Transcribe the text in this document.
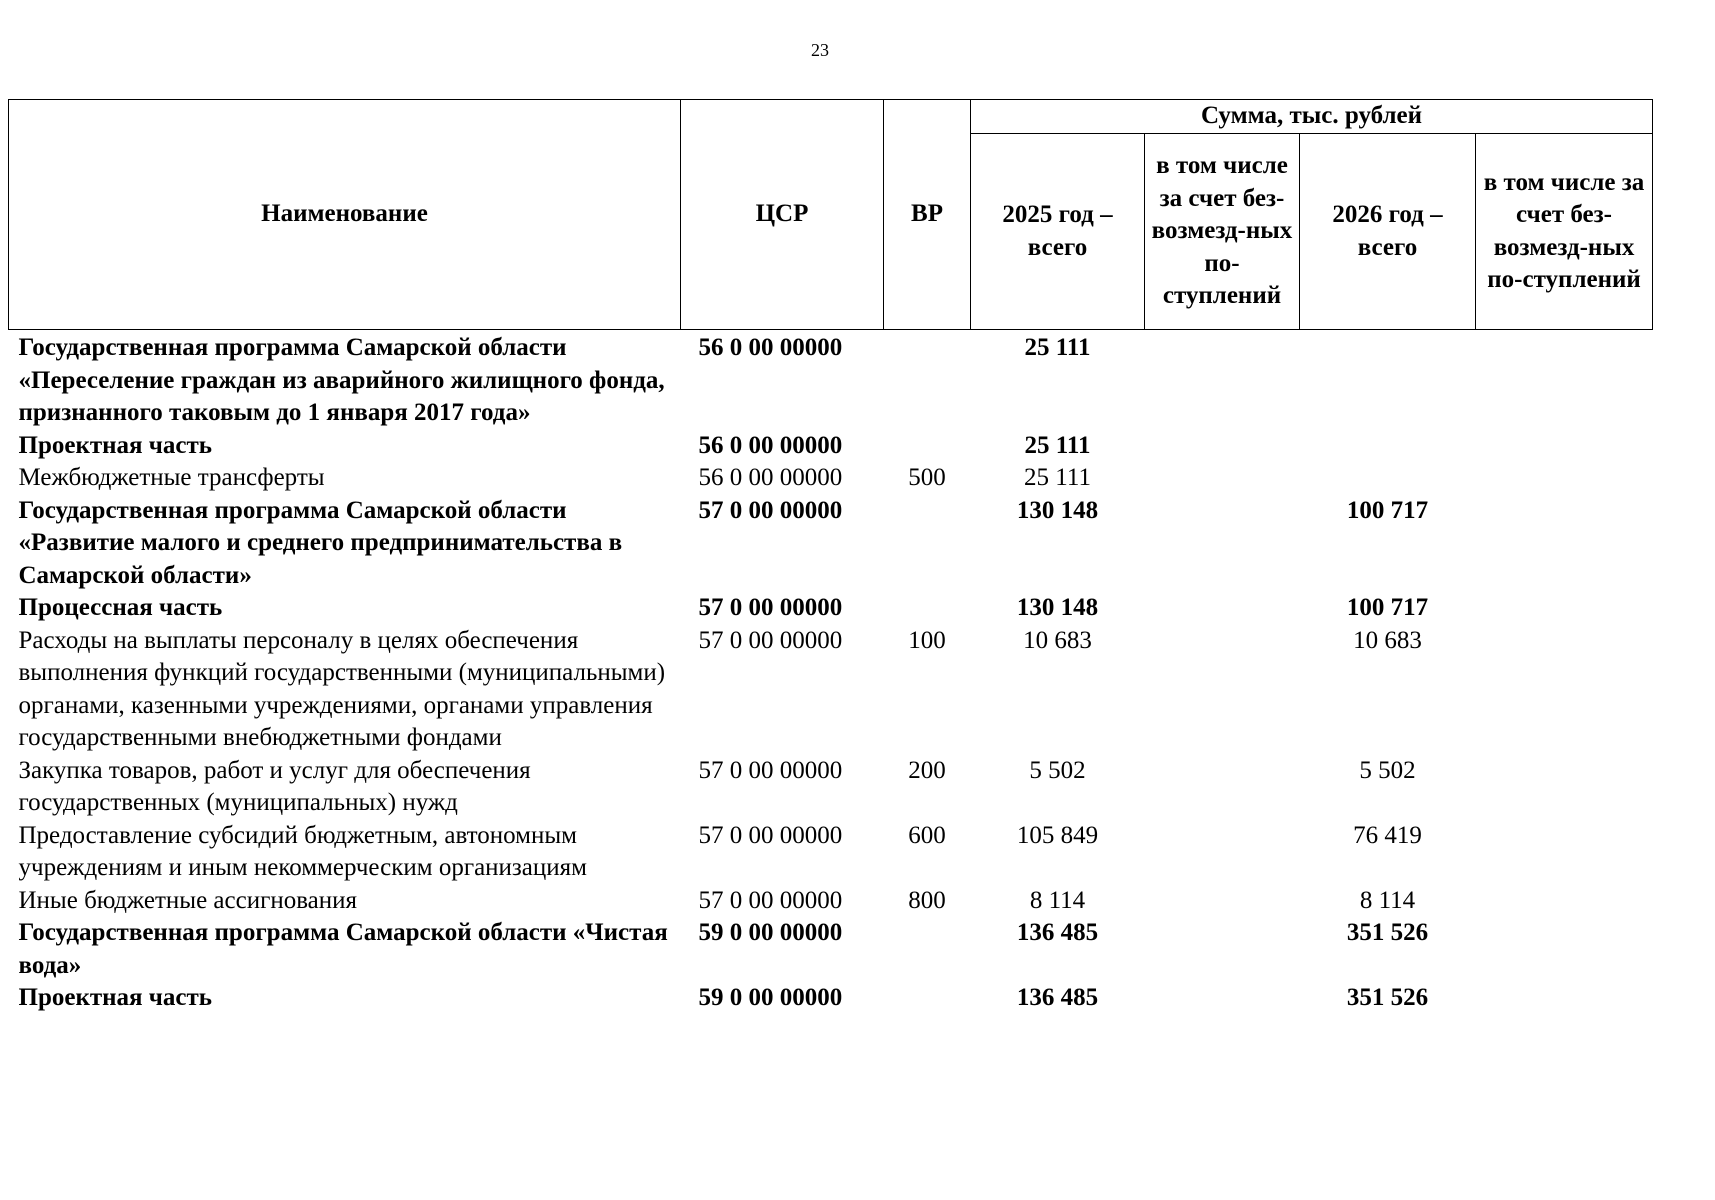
23
Наименование	ЦСР	ВР	Сумма, тыс. рублей			
			2025 год – всего	в том числе за счет без-возмезд-ных по-ступлений	2026 год – всего	в том числе за счет без-возмезд-ных по-ступлений
Государственная программа Самарской области «Переселение граждан из аварийного жилищного фонда, признанного таковым до 1 января 2017 года»	56 0 00 00000		25 111			
Проектная часть	56 0 00 00000		25 111			
Межбюджетные трансферты	56 0 00 00000	500	25 111			
Государственная программа Самарской области «Развитие малого и среднего предпринимательства в Самарской области»	57 0 00 00000		130 148		100 717	
Процессная часть	57 0 00 00000		130 148		100 717	
Расходы на выплаты персоналу в целях обеспечения выполнения функций государственными (муниципальными) органами, казенными учреждениями, органами управления государственными внебюджетными фондами	57 0 00 00000	100	10 683		10 683	
Закупка товаров, работ и услуг для обеспечения государственных (муниципальных) нужд	57 0 00 00000	200	5 502		5 502	
Предоставление субсидий бюджетным, автономным учреждениям и иным некоммерческим организациям	57 0 00 00000	600	105 849		76 419	
Иные бюджетные ассигнования	57 0 00 00000	800	8 114		8 114	
Государственная программа Самарской области «Чистая вода»	59 0 00 00000		136 485		351 526	
Проектная часть	59 0 00 00000		136 485		351 526	
